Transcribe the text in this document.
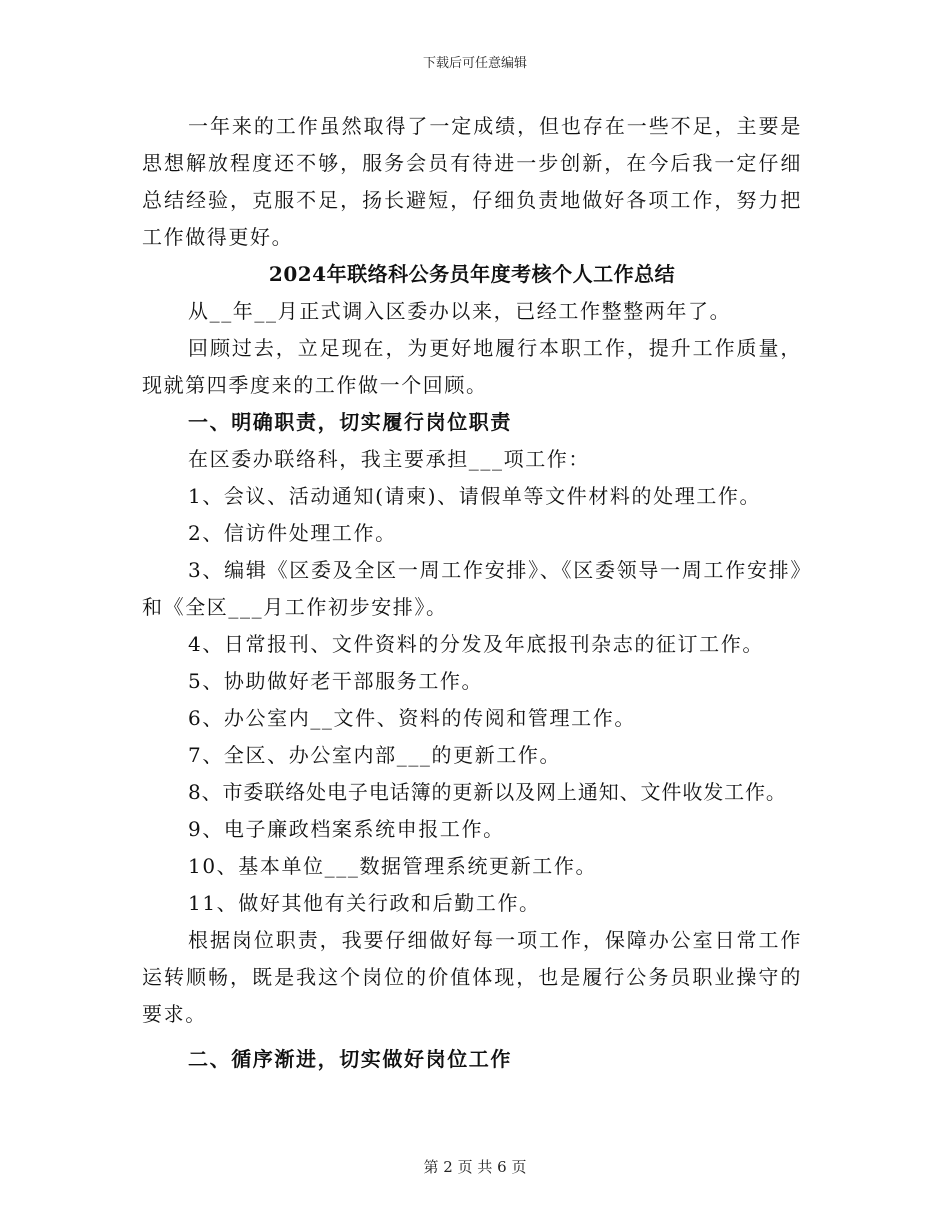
下载后可任意编辑

一年来的工作虽然取得了一定成绩，但也存在一些不足，主要是思想解放程度还不够，服务会员有待进一步创新，在今后我一定仔细总结经验，克服不足，扬长避短，仔细负责地做好各项工作，努力把工作做得更好。

2024年联络科公务员年度考核个人工作总结

从__年__月正式调入区委办以来，已经工作整整两年了。

回顾过去，立足现在，为更好地履行本职工作，提升工作质量，现就第四季度来的工作做一个回顾。

一、明确职责，切实履行岗位职责

在区委办联络科，我主要承担___项工作：

1、会议、活动通知(请柬)、请假单等文件材料的处理工作。

2、信访件处理工作。

3、编辑《区委及全区一周工作安排》、《区委领导一周工作安排》和《全区___月工作初步安排》。

4、日常报刊、文件资料的分发及年底报刊杂志的征订工作。

5、协助做好老干部服务工作。

6、办公室内__文件、资料的传阅和管理工作。

7、全区、办公室内部___的更新工作。

8、市委联络处电子电话簿的更新以及网上通知、文件收发工作。

9、电子廉政档案系统申报工作。

10、基本单位___数据管理系统更新工作。

11、做好其他有关行政和后勤工作。

根据岗位职责，我要仔细做好每一项工作，保障办公室日常工作运转顺畅，既是我这个岗位的价值体现，也是履行公务员职业操守的要求。

二、循序渐进，切实做好岗位工作

第 2 页 共 6 页
